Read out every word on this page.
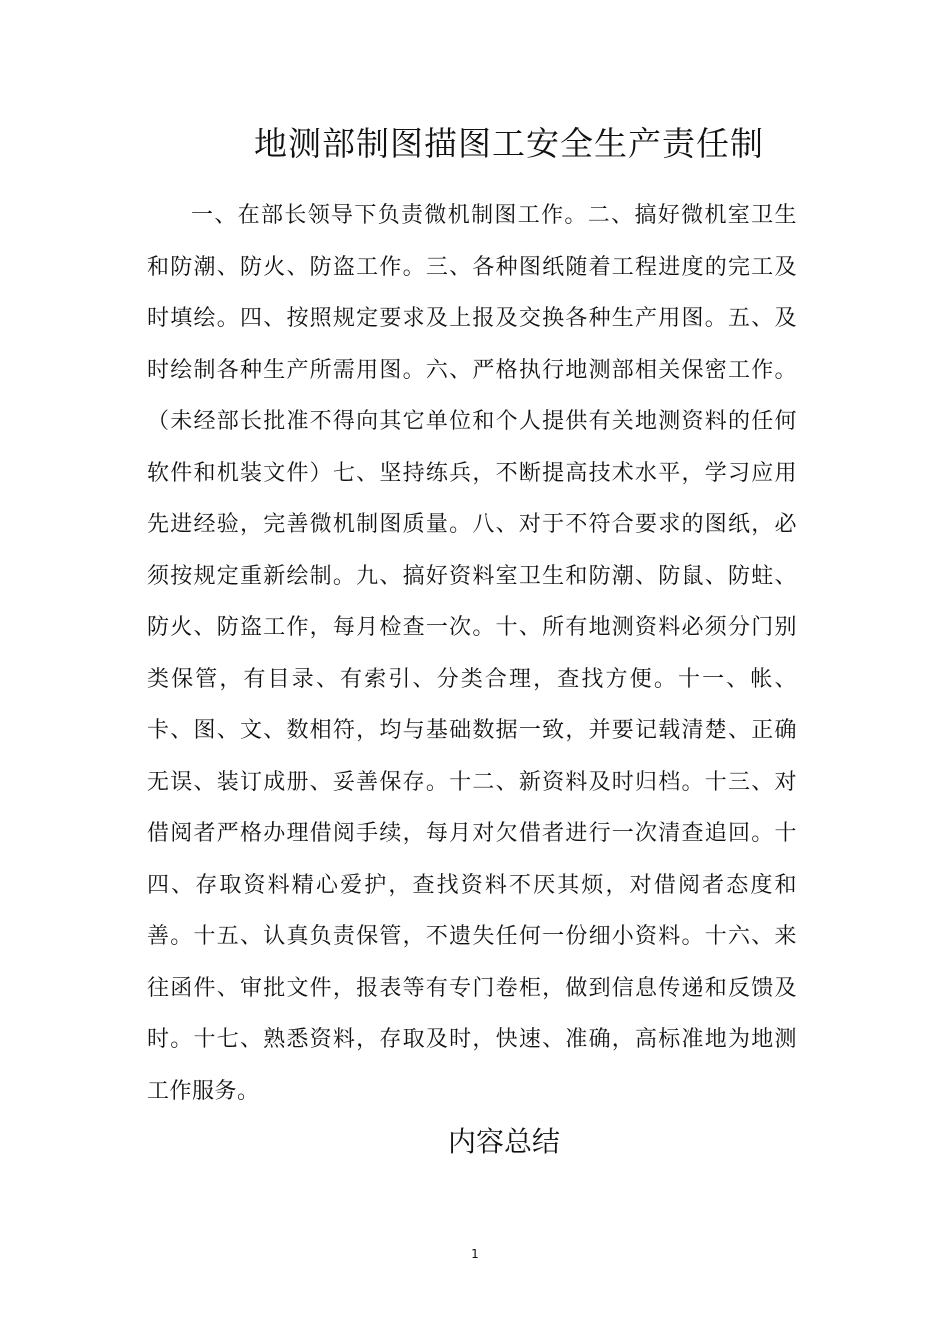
地测部制图描图工安全生产责任制

一、在部长领导下负责微机制图工作。二、搞好微机室卫生和防潮、防火、防盗工作。三、各种图纸随着工程进度的完工及时填绘。四、按照规定要求及上报及交换各种生产用图。五、及时绘制各种生产所需用图。六、严格执行地测部相关保密工作。（未经部长批准不得向其它单位和个人提供有关地测资料的任何软件和机装文件）七、坚持练兵，不断提高技术水平，学习应用先进经验，完善微机制图质量。八、对于不符合要求的图纸，必须按规定重新绘制。九、搞好资料室卫生和防潮、防鼠、防蛀、防火、防盗工作，每月检查一次。十、所有地测资料必须分门别类保管，有目录、有索引、分类合理，查找方便。十一、帐、卡、图、文、数相符，均与基础数据一致，并要记载清楚、正确无误、装订成册、妥善保存。十二、新资料及时归档。十三、对借阅者严格办理借阅手续，每月对欠借者进行一次清查追回。十四、存取资料精心爱护，查找资料不厌其烦，对借阅者态度和善。十五、认真负责保管，不遗失任何一份细小资料。十六、来往函件、审批文件，报表等有专门卷柜，做到信息传递和反馈及时。十七、熟悉资料，存取及时，快速、准确，高标准地为地测工作服务。

内容总结
1
